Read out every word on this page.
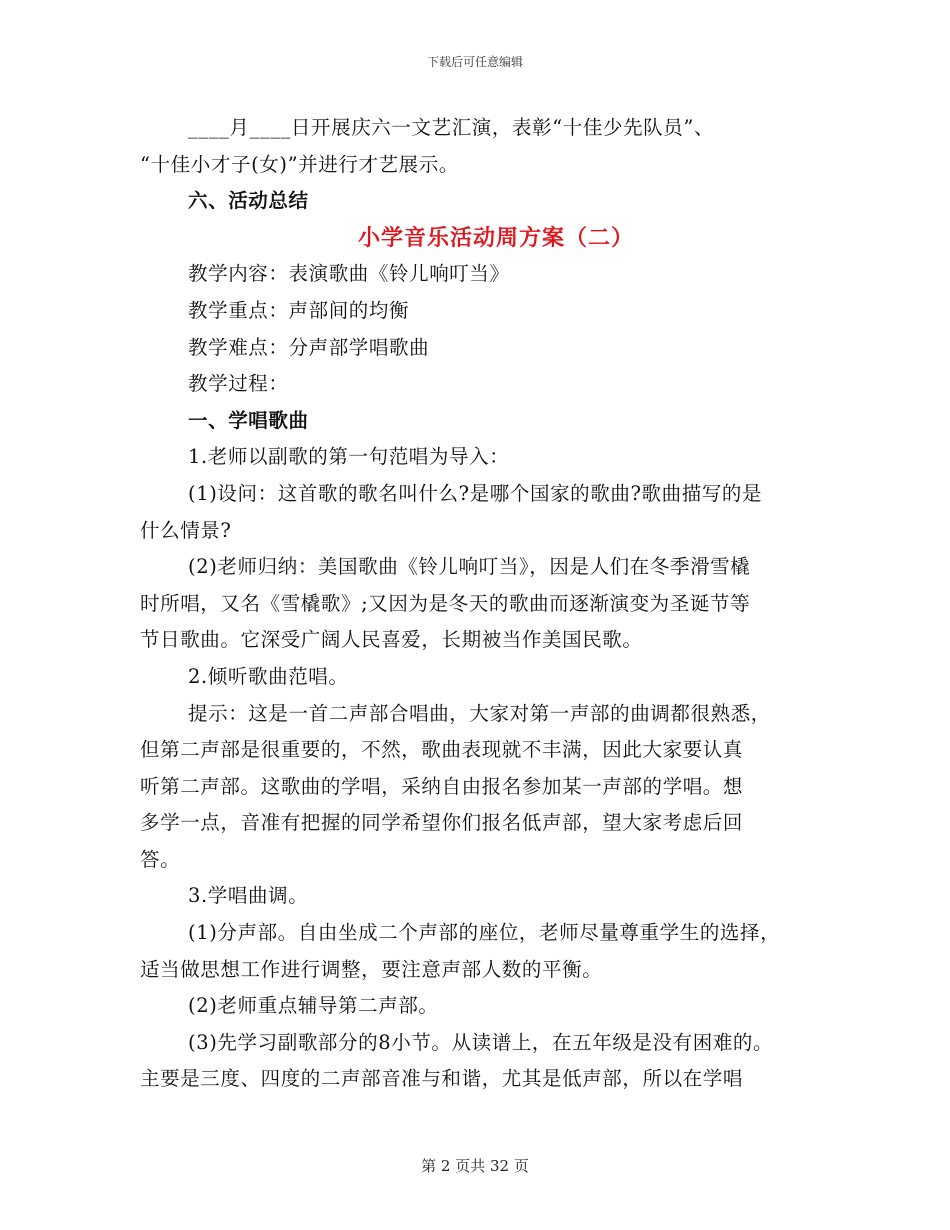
下载后可任意编辑

____月____日开展庆六一文艺汇演，表彰“十佳少先队员”、

“十佳小才子(女)”并进行才艺展示。

六、活动总结

小学音乐活动周方案（二）

教学内容：表演歌曲《铃儿响叮当》

教学重点：声部间的均衡

教学难点：分声部学唱歌曲

教学过程：

一、学唱歌曲

1.老师以副歌的第一句范唱为导入：

(1)设问：这首歌的歌名叫什么?是哪个国家的歌曲?歌曲描写的是

什么情景?

(2)老师归纳：美国歌曲《铃儿响叮当》，因是人们在冬季滑雪橇

时所唱，又名《雪橇歌》;又因为是冬天的歌曲而逐渐演变为圣诞节等

节日歌曲。它深受广阔人民喜爱，长期被当作美国民歌。

2.倾听歌曲范唱。

提示：这是一首二声部合唱曲，大家对第一声部的曲调都很熟悉，

但第二声部是很重要的，不然，歌曲表现就不丰满，因此大家要认真

听第二声部。这歌曲的学唱，采纳自由报名参加某一声部的学唱。想

多学一点，音准有把握的同学希望你们报名低声部，望大家考虑后回

答。

3.学唱曲调。

(1)分声部。自由坐成二个声部的座位，老师尽量尊重学生的选择，

适当做思想工作进行调整，要注意声部人数的平衡。

(2)老师重点辅导第二声部。

(3)先学习副歌部分的8小节。从读谱上，在五年级是没有困难的。

主要是三度、四度的二声部音准与和谐，尤其是低声部，所以在学唱

第 2 页共 32 页
